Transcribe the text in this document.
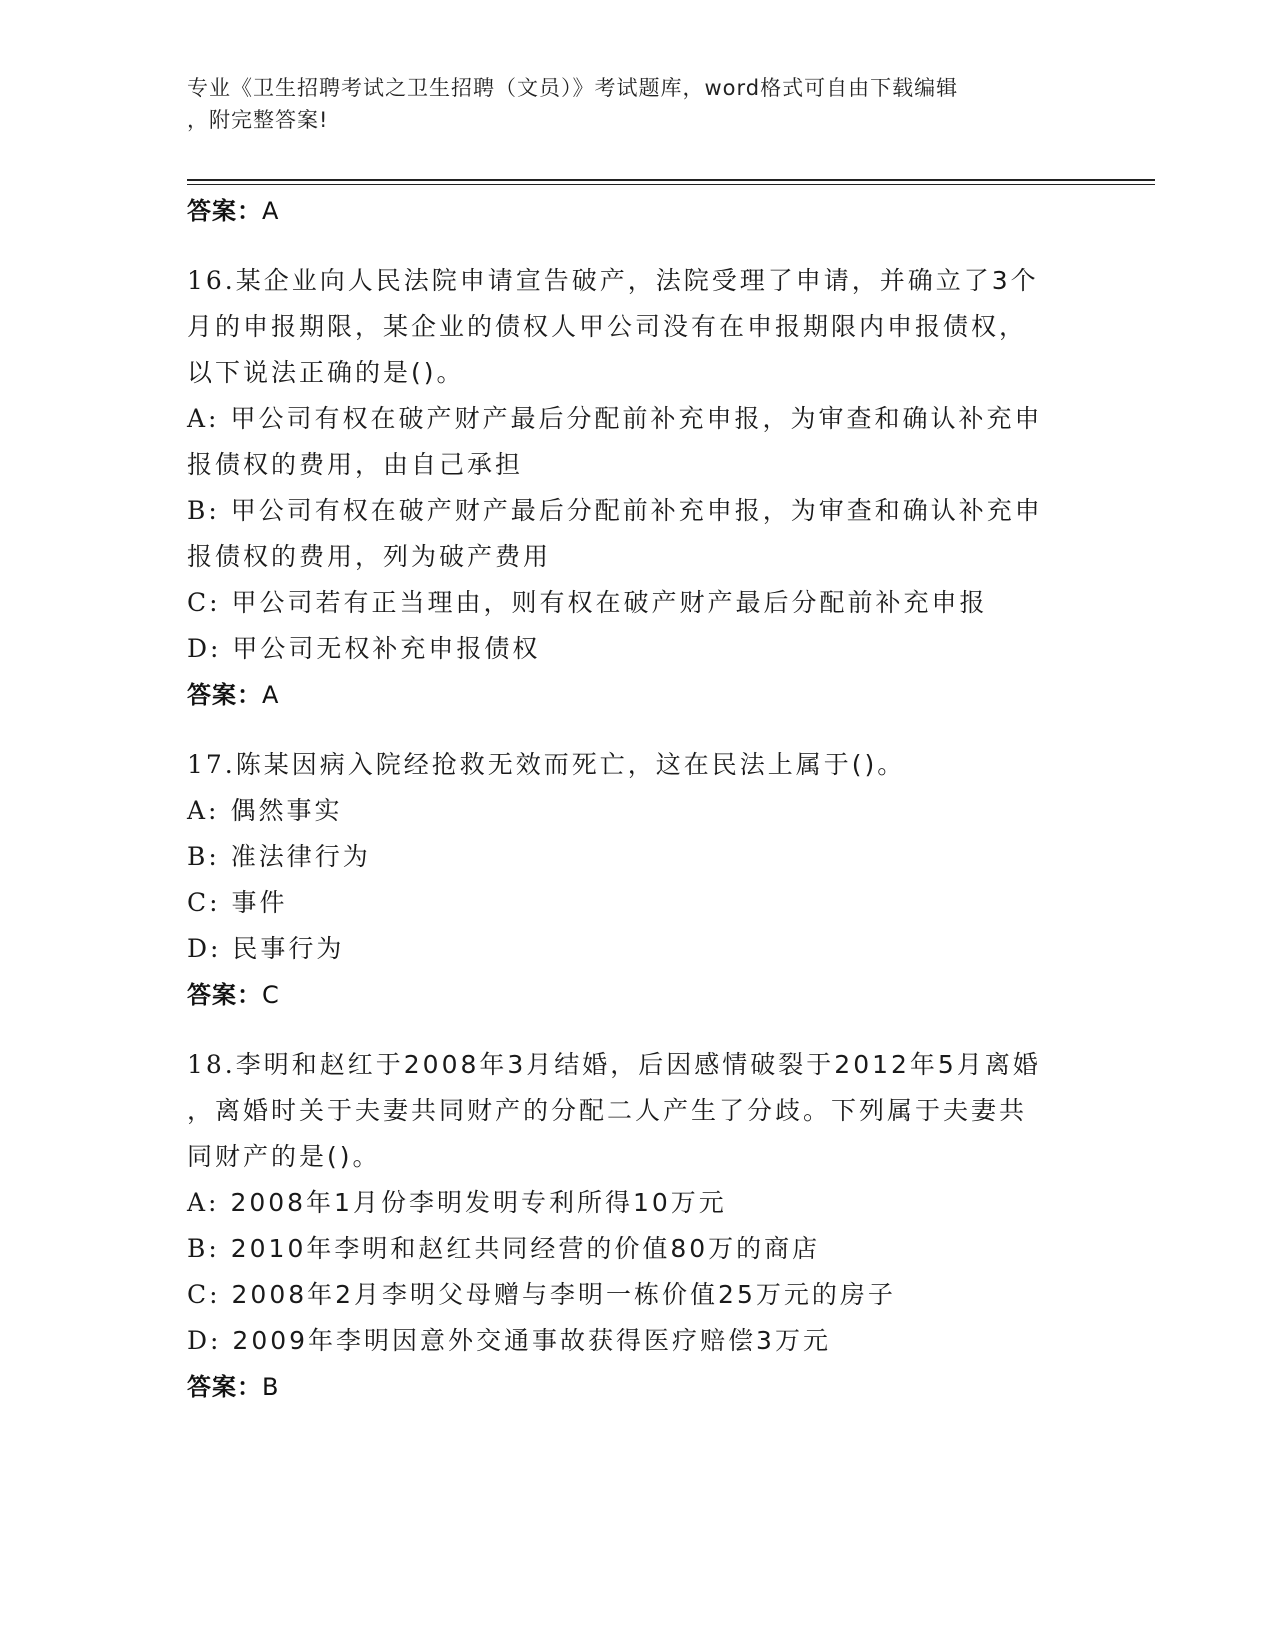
专业《卫生招聘考试之卫生招聘（文员）》考试题库，word格式可自由下载编辑
，附完整答案!
答案：A
16.某企业向人民法院申请宣告破产，法院受理了申请，并确立了3个
月的申报期限，某企业的债权人甲公司没有在申报期限内申报债权，
以下说法正确的是()。
A: 甲公司有权在破产财产最后分配前补充申报，为审查和确认补充申
报债权的费用，由自己承担
B: 甲公司有权在破产财产最后分配前补充申报，为审查和确认补充申
报债权的费用，列为破产费用
C: 甲公司若有正当理由，则有权在破产财产最后分配前补充申报
D: 甲公司无权补充申报债权
答案：A
17.陈某因病入院经抢救无效而死亡，这在民法上属于()。
A: 偶然事实
B: 准法律行为
C: 事件
D: 民事行为
答案：C
18.李明和赵红于2008年3月结婚，后因感情破裂于2012年5月离婚
，离婚时关于夫妻共同财产的分配二人产生了分歧。下列属于夫妻共
同财产的是()。
A: 2008年1月份李明发明专利所得10万元
B: 2010年李明和赵红共同经营的价值80万的商店
C: 2008年2月李明父母赠与李明一栋价值25万元的房子
D: 2009年李明因意外交通事故获得医疗赔偿3万元
答案：B
